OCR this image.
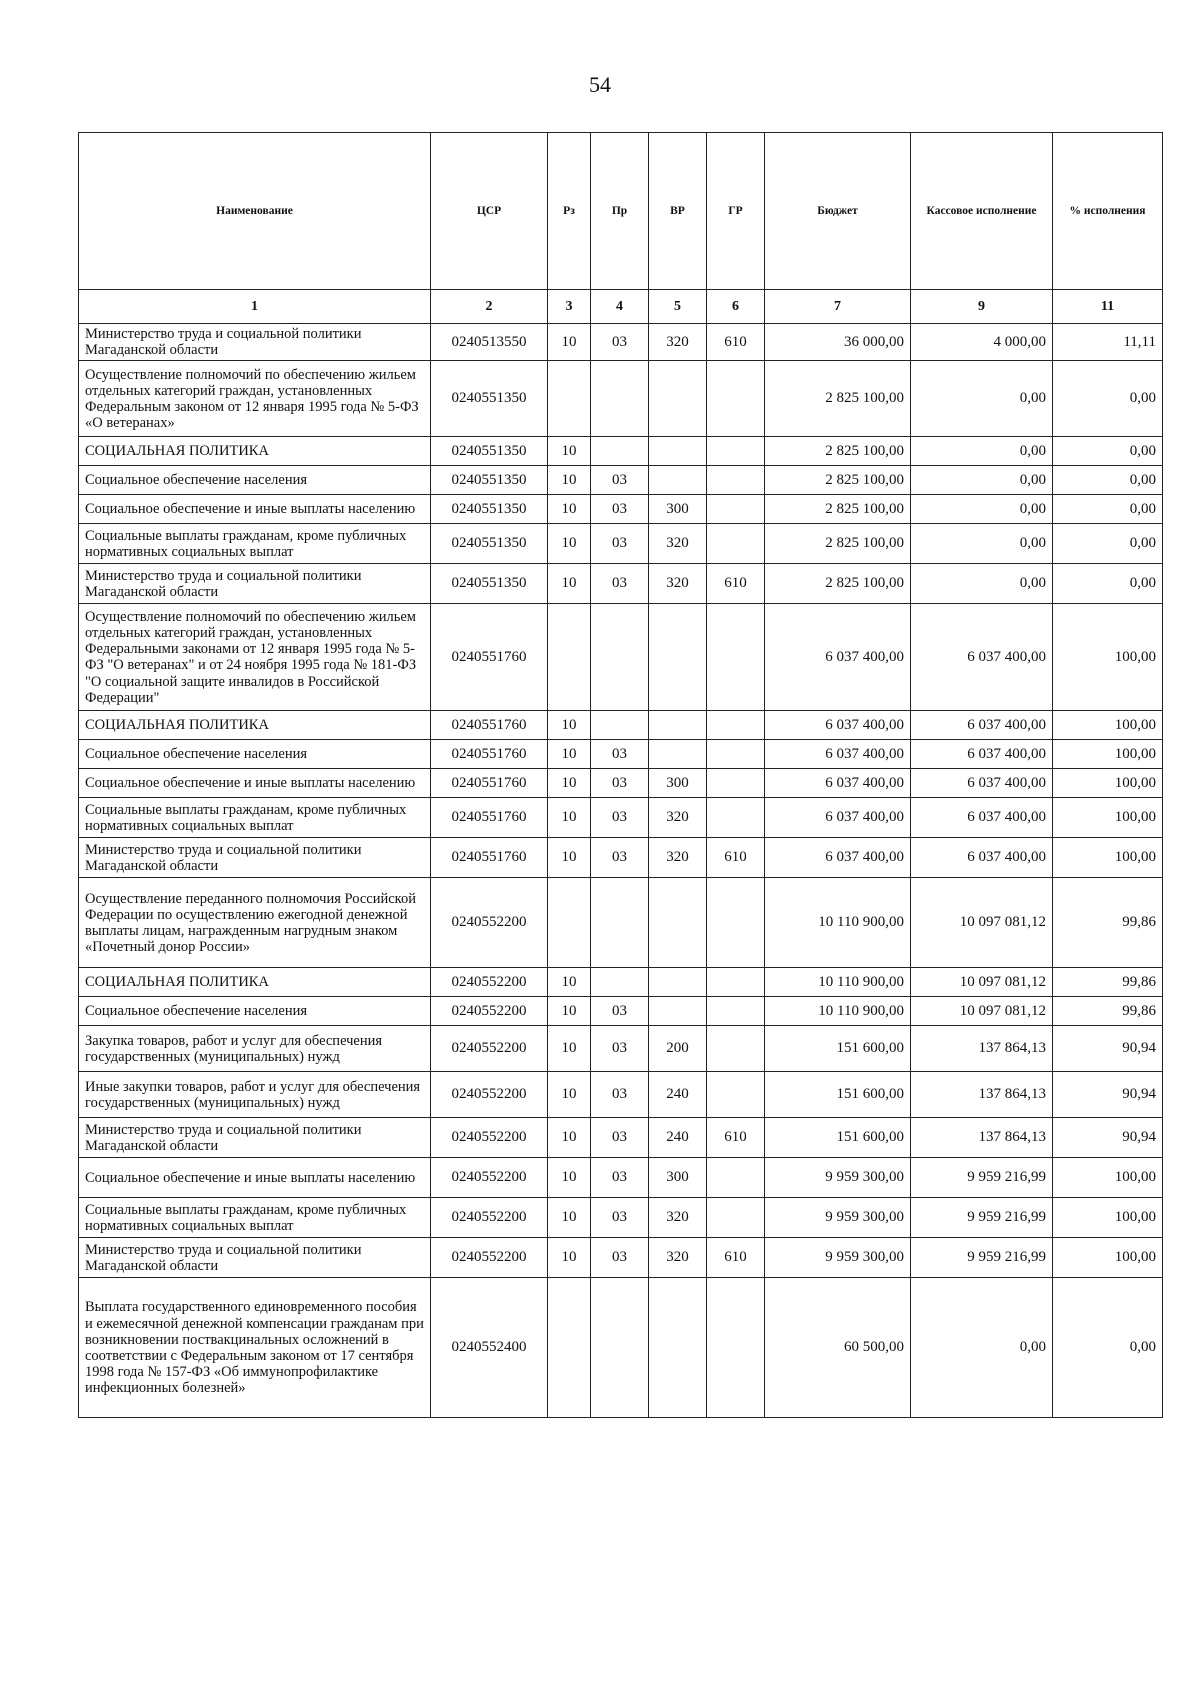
54
Наименование	ЦСР	Рз	Пр	ВР	ГР	Бюджет	Кассовое исполнение	% исполнения
1	2	3	4	5	6	7	9	11
Министерство труда и социальной политики Магаданской области	0240513550	10	03	320	610	36 000,00	4 000,00	11,11
Осуществление полномочий по обеспечению жильем отдельных категорий граждан, установленных Федеральным законом от 12 января 1995 года № 5-ФЗ «О ветеранах»	0240551350					2 825 100,00	0,00	0,00
СОЦИАЛЬНАЯ ПОЛИТИКА	0240551350	10				2 825 100,00	0,00	0,00
Социальное обеспечение населения	0240551350	10	03			2 825 100,00	0,00	0,00
Социальное обеспечение и иные выплаты населению	0240551350	10	03	300		2 825 100,00	0,00	0,00
Социальные выплаты гражданам, кроме публичных нормативных социальных выплат	0240551350	10	03	320		2 825 100,00	0,00	0,00
Министерство труда и социальной политики Магаданской области	0240551350	10	03	320	610	2 825 100,00	0,00	0,00
Осуществление полномочий по обеспечению жильем отдельных категорий граждан, установленных Федеральными законами от 12 января 1995 года № 5-ФЗ "О ветеранах" и от 24 ноября 1995 года № 181-ФЗ "О социальной защите инвалидов в Российской Федерации"	0240551760					6 037 400,00	6 037 400,00	100,00
СОЦИАЛЬНАЯ ПОЛИТИКА	0240551760	10				6 037 400,00	6 037 400,00	100,00
Социальное обеспечение населения	0240551760	10	03			6 037 400,00	6 037 400,00	100,00
Социальное обеспечение и иные выплаты населению	0240551760	10	03	300		6 037 400,00	6 037 400,00	100,00
Социальные выплаты гражданам, кроме публичных нормативных социальных выплат	0240551760	10	03	320		6 037 400,00	6 037 400,00	100,00
Министерство труда и социальной политики Магаданской области	0240551760	10	03	320	610	6 037 400,00	6 037 400,00	100,00
Осуществление переданного полномочия Российской Федерации по осуществлению ежегодной денежной выплаты лицам, награжденным нагрудным знаком «Почетный донор России»	0240552200					10 110 900,00	10 097 081,12	99,86
СОЦИАЛЬНАЯ ПОЛИТИКА	0240552200	10				10 110 900,00	10 097 081,12	99,86
Социальное обеспечение населения	0240552200	10	03			10 110 900,00	10 097 081,12	99,86
Закупка товаров, работ и услуг для обеспечения государственных (муниципальных) нужд	0240552200	10	03	200		151 600,00	137 864,13	90,94
Иные закупки товаров, работ и услуг для обеспечения государственных (муниципальных) нужд	0240552200	10	03	240		151 600,00	137 864,13	90,94
Министерство труда и социальной политики Магаданской области	0240552200	10	03	240	610	151 600,00	137 864,13	90,94
Социальное обеспечение и иные выплаты населению	0240552200	10	03	300		9 959 300,00	9 959 216,99	100,00
Социальные выплаты гражданам, кроме публичных нормативных социальных выплат	0240552200	10	03	320		9 959 300,00	9 959 216,99	100,00
Министерство труда и социальной политики Магаданской области	0240552200	10	03	320	610	9 959 300,00	9 959 216,99	100,00
Выплата государственного единовременного пособия и ежемесячной денежной компенсации гражданам при возникновении поствакцинальных осложнений в соответствии с Федеральным законом от 17 сентября 1998 года № 157-ФЗ «Об иммунопрофилактике инфекционных болезней»	0240552400					60 500,00	0,00	0,00
